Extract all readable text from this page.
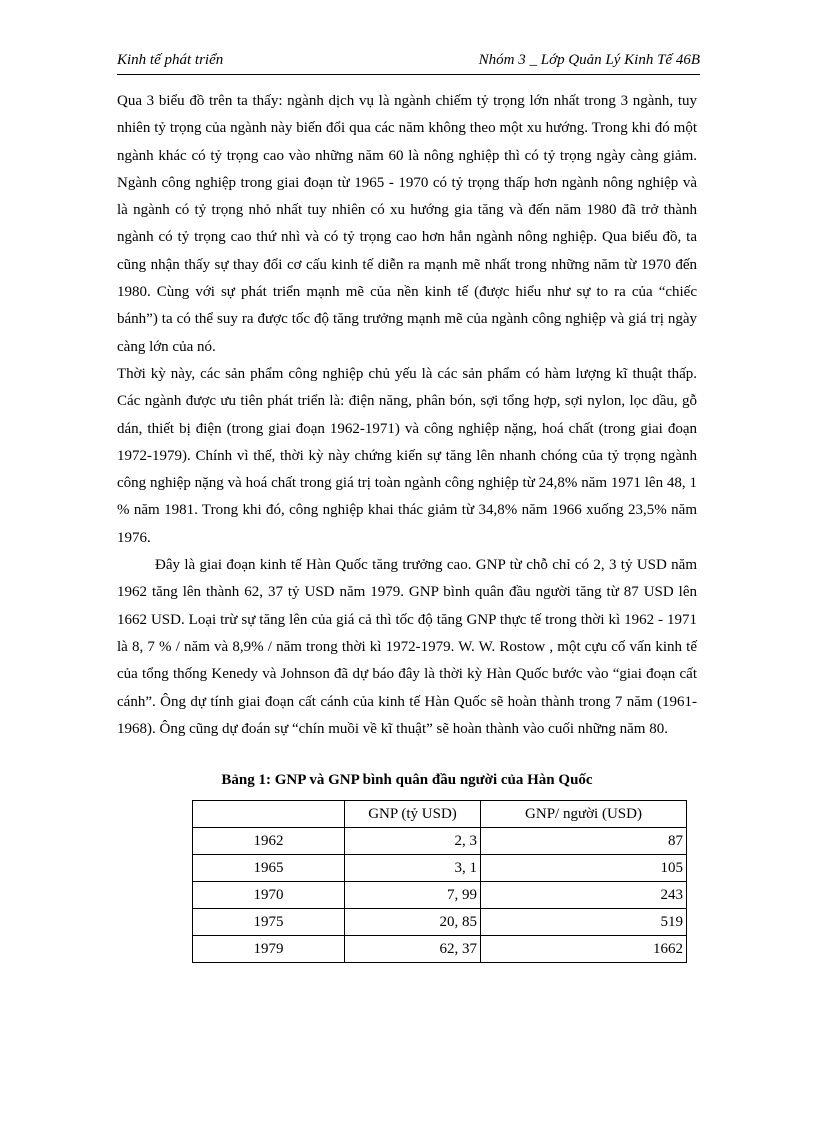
Kinh tế phát triển	Nhóm 3 _ Lớp Quản Lý Kinh Tế 46B

Qua 3 biểu đồ trên ta thấy: ngành dịch vụ là ngành chiếm tỷ trọng lớn nhất trong 3 ngành, tuy nhiên tỷ trọng của ngành này biến đổi qua các năm không theo một xu hướng. Trong khi đó một ngành khác có tỷ trọng cao vào những năm 60 là nông nghiệp thì có tỷ trọng ngày càng giảm. Ngành công nghiệp trong giai đoạn từ 1965 - 1970 có tỷ trọng thấp hơn ngành nông nghiệp và là ngành có tỷ trọng nhỏ nhất tuy nhiên có xu hướng gia tăng và đến năm 1980 đã trở thành ngành có tỷ trọng cao thứ nhì và có tỷ trọng cao hơn hẳn ngành nông nghiệp. Qua biểu đồ, ta cũng nhận thấy sự thay đổi cơ cấu kinh tế diễn ra mạnh mẽ nhất trong những năm từ 1970 đến 1980. Cùng với sự phát triển mạnh mẽ của nền kinh tế (được hiểu như sự to ra của “chiếc bánh”) ta có thể suy ra được tốc độ tăng trưởng mạnh mẽ của ngành công nghiệp và giá trị ngày càng lớn của nó.

Thời kỳ này, các sản phẩm công nghiệp chủ yếu là các sản phẩm có hàm lượng kĩ thuật thấp. Các ngành được ưu tiên phát triển là: điện năng, phân bón, sợi tổng hợp, sợi nylon, lọc dầu, gỗ dán, thiết bị điện (trong giai đoạn 1962-1971) và công nghiệp nặng, hoá chất (trong giai đoạn 1972-1979). Chính vì thế, thời kỳ này chứng kiến sự tăng lên nhanh chóng của tỷ trọng ngành công nghiệp nặng và hoá chất trong giá trị toàn ngành công nghiệp từ 24,8% năm 1971 lên 48, 1 % năm 1981. Trong khi đó, công nghiệp khai thác giảm từ 34,8% năm 1966 xuống 23,5% năm 1976.

Đây là giai đoạn kinh tế Hàn Quốc tăng trưởng cao. GNP từ chỗ chỉ có 2, 3 tỷ USD năm 1962 tăng lên thành 62, 37 tỷ USD năm 1979. GNP bình quân đầu người tăng từ 87 USD lên 1662 USD. Loại trừ sự tăng lên của giá cả thì tốc độ tăng GNP thực tế trong thời kì 1962 - 1971 là 8, 7 % / năm và 8,9% / năm trong thời kì 1972-1979. W. W. Rostow , một cựu cố vấn kinh tế của tổng thống Kenedy và Johnson đã dự báo đây là thời kỳ Hàn Quốc bước vào “giai đoạn cất cánh”. Ông dự tính giai đoạn cất cánh của kinh tế Hàn Quốc sẽ hoàn thành trong 7 năm (1961-1968). Ông cũng dự đoán sự “chín muồi về kĩ thuật” sẽ hoàn thành vào cuối những năm 80.

Bảng 1: GNP và GNP bình quân đầu người của Hàn Quốc
	GNP (tỷ USD)	GNP/ người (USD)
1962	2, 3	87
1965	3, 1	105
1970	7, 99	243
1975	20, 85	519
1979	62, 37	1662
